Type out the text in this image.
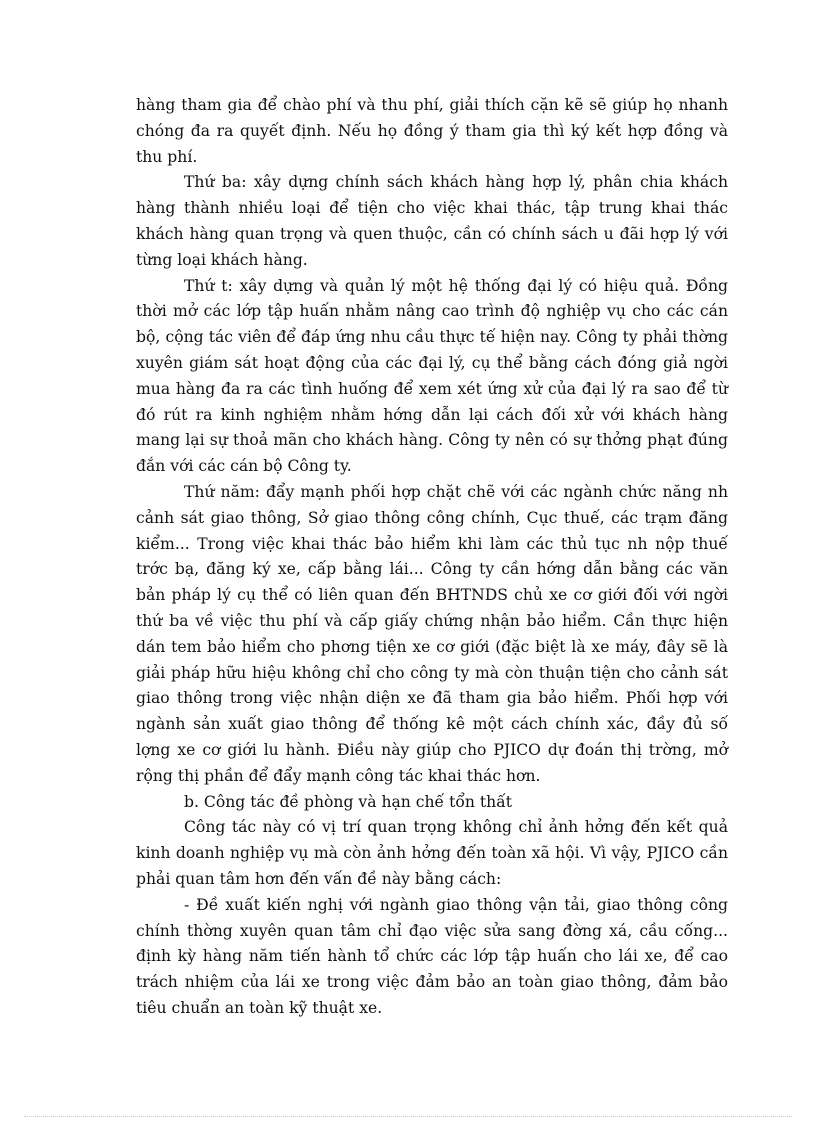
hàng tham gia để chào phí và thu phí, giải thích cặn kẽ sẽ giúp họ nhanh chóng đa ra quyết định. Nếu họ đồng ý tham gia thì ký kết hợp đồng và thu phí.

Thứ ba: xây dựng chính sách khách hàng hợp lý, phân chia khách hàng thành nhiều loại để tiện cho việc khai thác, tập trung khai thác khách hàng quan trọng và quen thuộc, cần có chính sách u đãi hợp lý với từng loại khách hàng.

Thứ t: xây dựng và quản lý một hệ thống đại lý có hiệu quả. Đồng thời mở các lớp tập huấn nhằm nâng cao trình độ nghiệp vụ cho các cán bộ, cộng tác viên để đáp ứng nhu cầu thực tế hiện nay. Công ty phải thờng xuyên giám sát hoạt động của các đại lý, cụ thể bằng cách đóng giả ngời mua hàng đa ra các tình huống để xem xét ứng xử của đại lý ra sao để từ đó rút ra kinh nghiệm nhằm hớng dẫn lại cách đối xử với khách hàng mang lại sự thoả mãn cho khách hàng. Công ty nên có sự thởng phạt đúng đắn với các cán bộ Công ty.

Thứ năm: đẩy mạnh phối hợp chặt chẽ với các ngành chức năng nh cảnh sát giao thông, Sở giao thông công chính, Cục thuế, các trạm đăng kiểm... Trong việc khai thác bảo hiểm khi làm các thủ tục nh nộp thuế trớc bạ, đăng ký xe, cấp bằng lái... Công ty cần hớng dẫn bằng các văn bản pháp lý cụ thể có liên quan đến BHTNDS chủ xe cơ giới đối với ngời thứ ba về việc thu phí và cấp giấy chứng nhận bảo hiểm. Cần thực hiện dán tem bảo hiểm cho phơng tiện xe cơ giới (đặc biệt là xe máy, đây sẽ là giải pháp hữu hiệu không chỉ cho công ty mà còn thuận tiện cho cảnh sát giao thông trong việc nhận diện xe đã tham gia bảo hiểm. Phối hợp với ngành sản xuất giao thông để thống kê một cách chính xác, đầy đủ số lợng xe cơ giới lu hành. Điều này giúp cho PJICO dự đoán thị trờng, mở rộng thị phần để đẩy mạnh công tác khai thác hơn.

b. Công tác đề phòng và hạn chế tổn thất

Công tác này có vị trí quan trọng không chỉ ảnh hởng đến kết quả kinh doanh nghiệp vụ mà còn ảnh hởng đến toàn xã hội. Vì vậy, PJICO cần phải quan tâm hơn đến vấn đề này bằng cách:

- Đề xuất kiến nghị với ngành giao thông vận tải, giao thông công chính thờng xuyên quan tâm chỉ đạo việc sửa sang đờng xá, cầu cống... định kỳ hàng năm tiến hành tổ chức các lớp tập huấn cho lái xe, để cao trách nhiệm của lái xe trong việc đảm bảo an toàn giao thông, đảm bảo tiêu chuẩn an toàn kỹ thuật xe.
